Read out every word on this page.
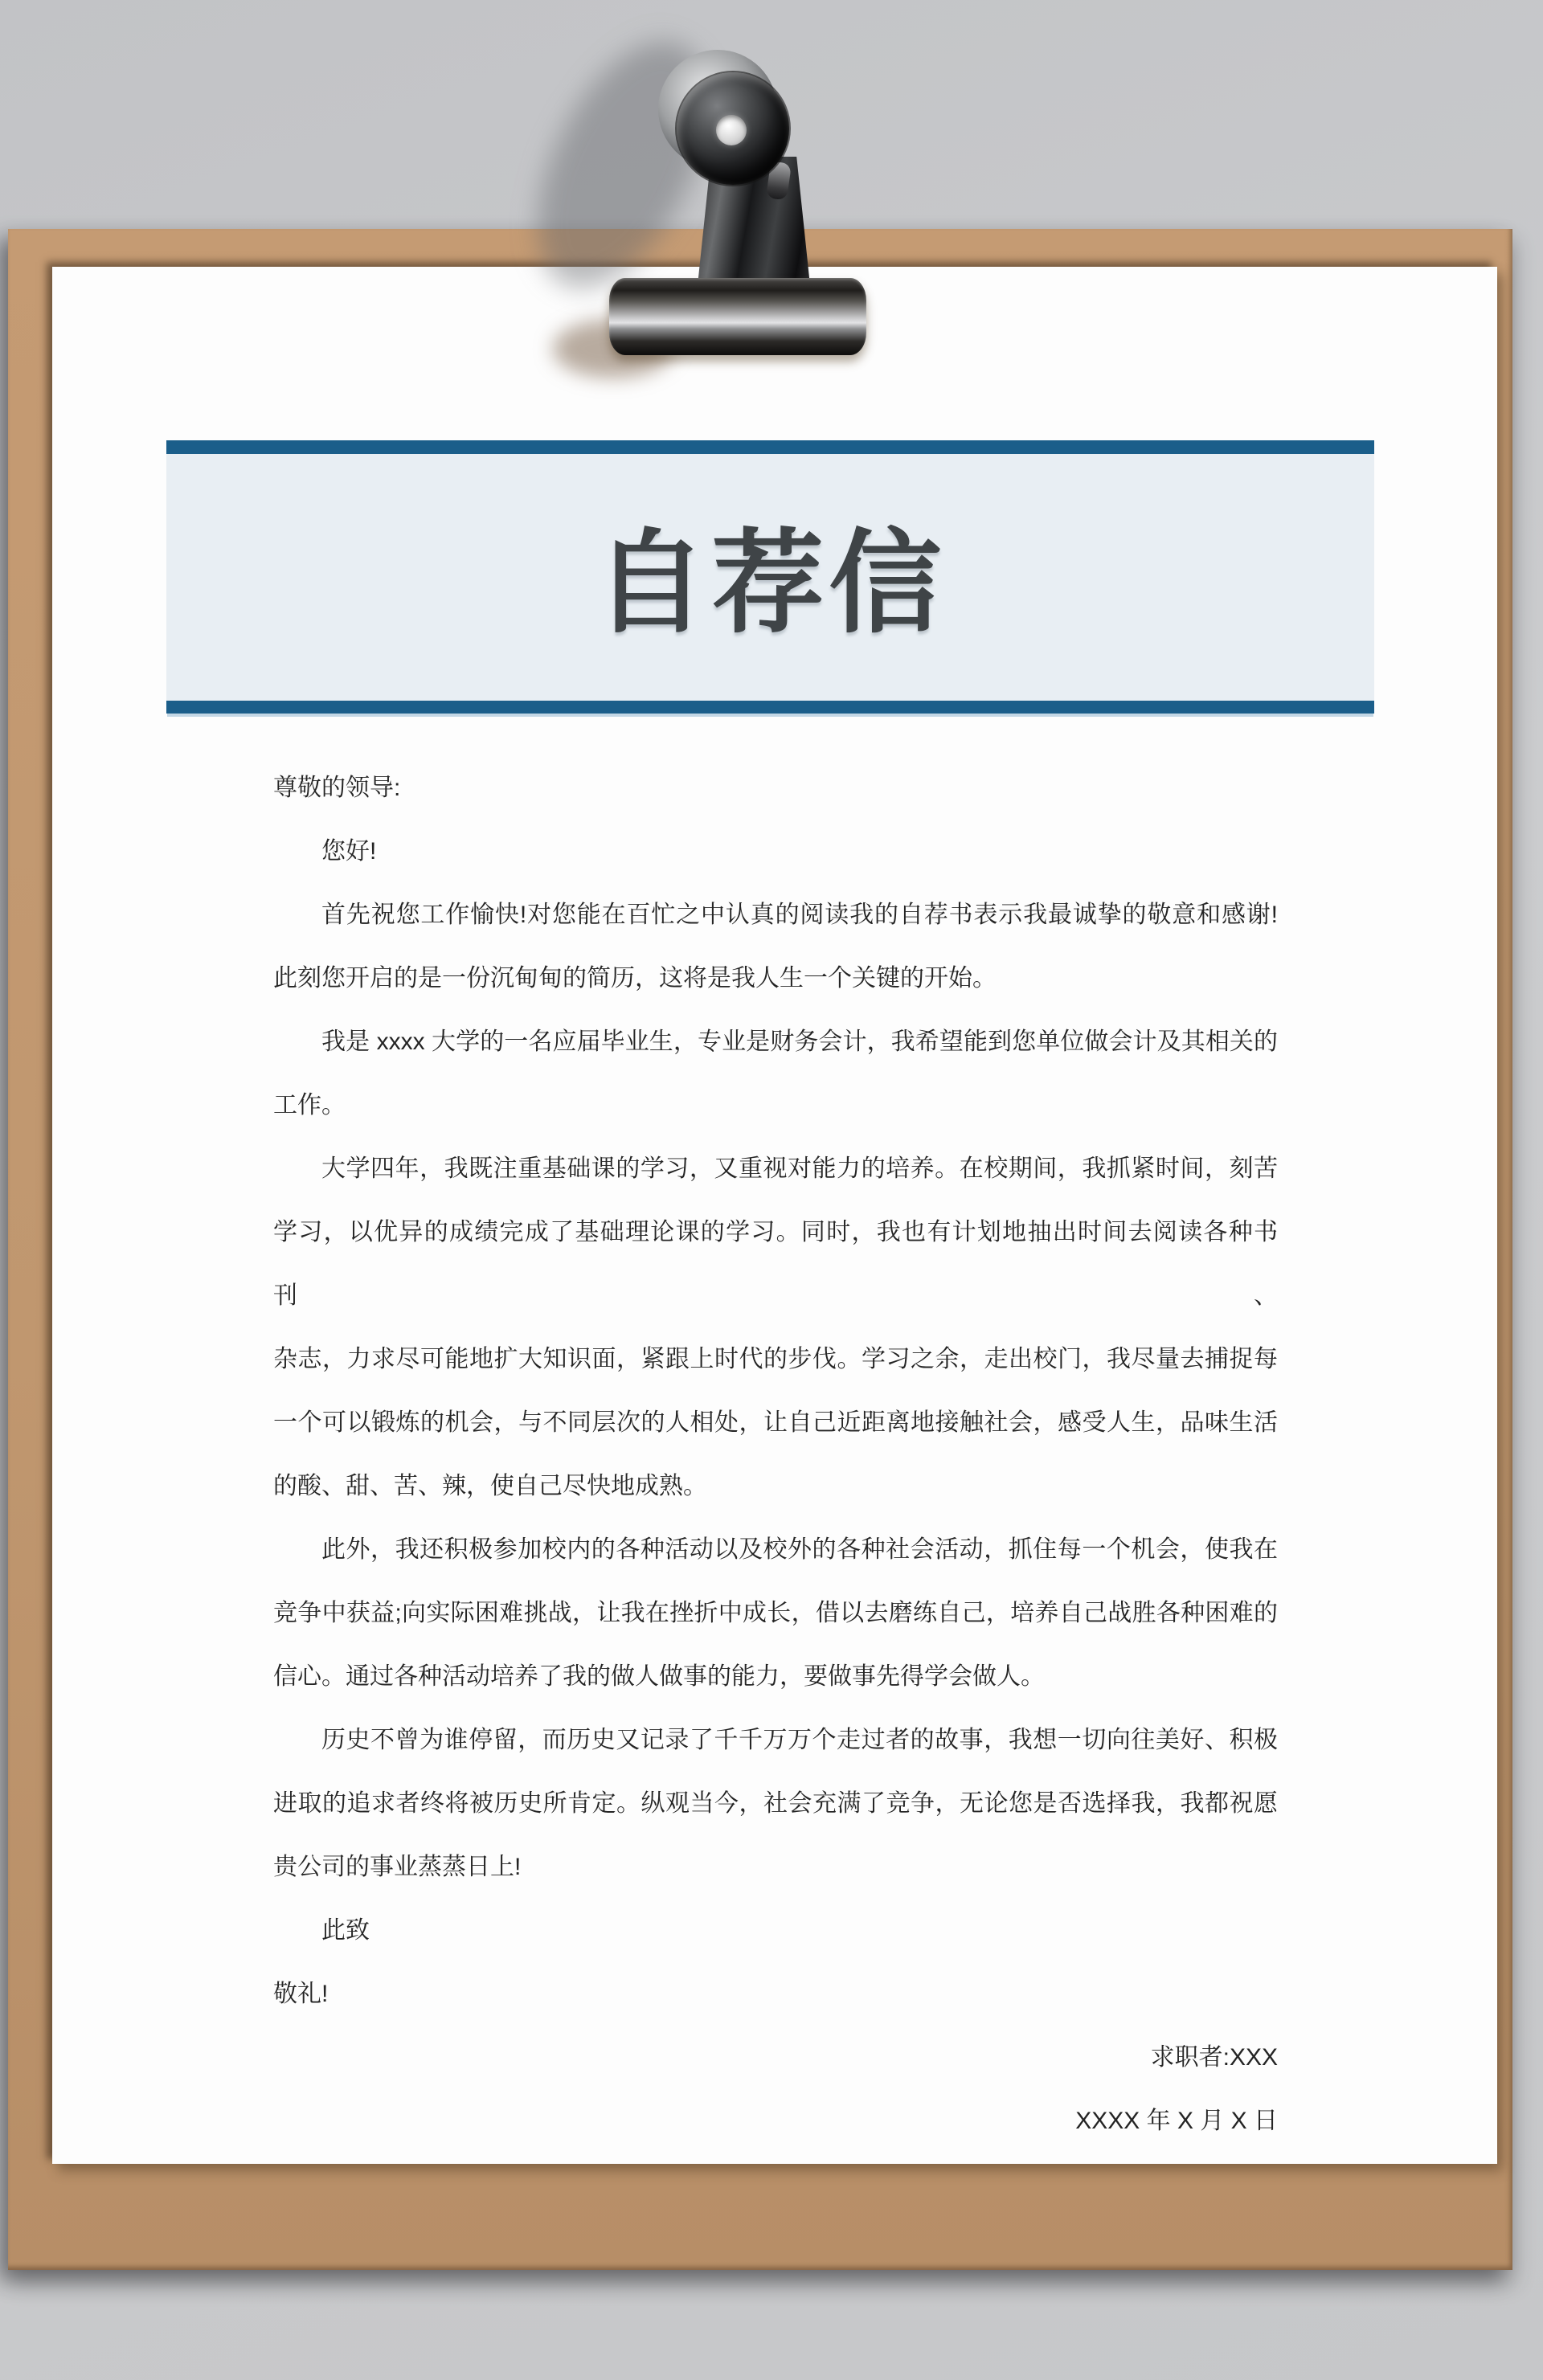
自荐信

尊敬的领导:

您好!

首先祝您工作愉快!对您能在百忙之中认真的阅读我的自荐书表示我最诚挚的敬意和感谢!

此刻您开启的是一份沉甸甸的简历，这将是我人生一个关键的开始。

我是 xxxx 大学的一名应届毕业生，专业是财务会计，我希望能到您单位做会计及其相关的

工作。

大学四年，我既注重基础课的学习，又重视对能力的培养。在校期间，我抓紧时间，刻苦

学习，以优异的成绩完成了基础理论课的学习。同时，我也有计划地抽出时间去阅读各种书刊、

杂志，力求尽可能地扩大知识面，紧跟上时代的步伐。学习之余，走出校门，我尽量去捕捉每

一个可以锻炼的机会，与不同层次的人相处，让自己近距离地接触社会，感受人生，品味生活

的酸、甜、苦、辣，使自己尽快地成熟。

此外，我还积极参加校内的各种活动以及校外的各种社会活动，抓住每一个机会，使我在

竞争中获益;向实际困难挑战，让我在挫折中成长，借以去磨练自己，培养自己战胜各种困难的

信心。通过各种活动培养了我的做人做事的能力，要做事先得学会做人。

历史不曾为谁停留，而历史又记录了千千万万个走过者的故事，我想一切向往美好、积极

进取的追求者终将被历史所肯定。纵观当今，社会充满了竞争，无论您是否选择我，我都祝愿

贵公司的事业蒸蒸日上!

此致

敬礼!

求职者:XXX

XXXX 年 X 月 X 日
